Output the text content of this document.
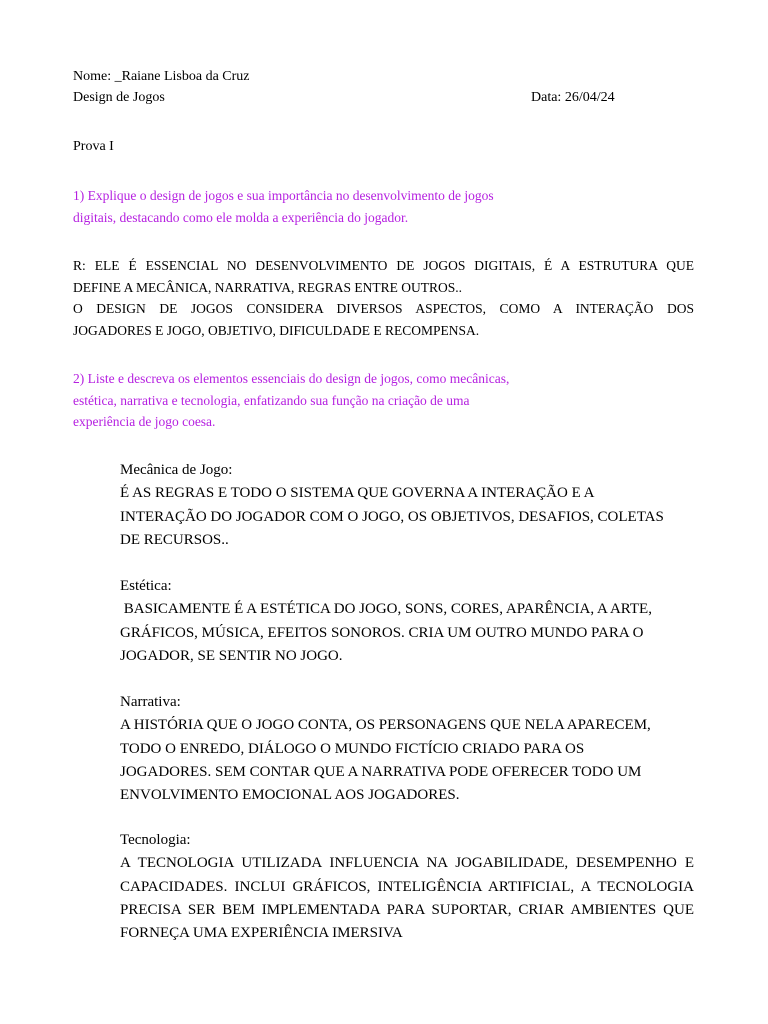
Nome: _Raiane Lisboa da Cruz
Design de Jogos	Data: 26/04/24
Prova I
1) Explique o design de jogos e sua importância no desenvolvimento de jogos
digitais, destacando como ele molda a experiência do jogador.
R: ELE É ESSENCIAL NO DESENVOLVIMENTO DE JOGOS DIGITAIS, É A ESTRUTURA QUE
DEFINE A MECÂNICA, NARRATIVA, REGRAS ENTRE OUTROS..
O DESIGN DE JOGOS CONSIDERA DIVERSOS ASPECTOS, COMO A INTERAÇÃO DOS
JOGADORES E JOGO, OBJETIVO, DIFICULDADE E RECOMPENSA.
2) Liste e descreva os elementos essenciais do design de jogos, como mecânicas,
estética, narrativa e tecnologia, enfatizando sua função na criação de uma
experiência de jogo coesa.
Mecânica de Jogo:
É AS REGRAS E TODO O SISTEMA QUE GOVERNA A INTERAÇÃO E A
INTERAÇÃO DO JOGADOR COM O JOGO, OS OBJETIVOS, DESAFIOS, COLETAS
DE RECURSOS..
Estética:
BASICAMENTE É A ESTÉTICA DO JOGO, SONS, CORES, APARÊNCIA, A ARTE,
GRÁFICOS, MÚSICA, EFEITOS SONOROS. CRIA UM OUTRO MUNDO PARA O
JOGADOR, SE SENTIR NO JOGO.
Narrativa:
A HISTÓRIA QUE O JOGO CONTA, OS PERSONAGENS QUE NELA APARECEM,
TODO O ENREDO, DIÁLOGO O MUNDO FICTÍCIO CRIADO PARA OS
JOGADORES. SEM CONTAR QUE A NARRATIVA PODE OFERECER TODO UM
ENVOLVIMENTO EMOCIONAL AOS JOGADORES.
Tecnologia:
A TECNOLOGIA UTILIZADA INFLUENCIA NA JOGABILIDADE, DESEMPENHO E
CAPACIDADES. INCLUI GRÁFICOS, INTELIGÊNCIA ARTIFICIAL, A TECNOLOGIA
PRECISA SER BEM IMPLEMENTADA PARA SUPORTAR, CRIAR AMBIENTES QUE
FORNEÇA UMA EXPERIÊNCIA IMERSIVA
